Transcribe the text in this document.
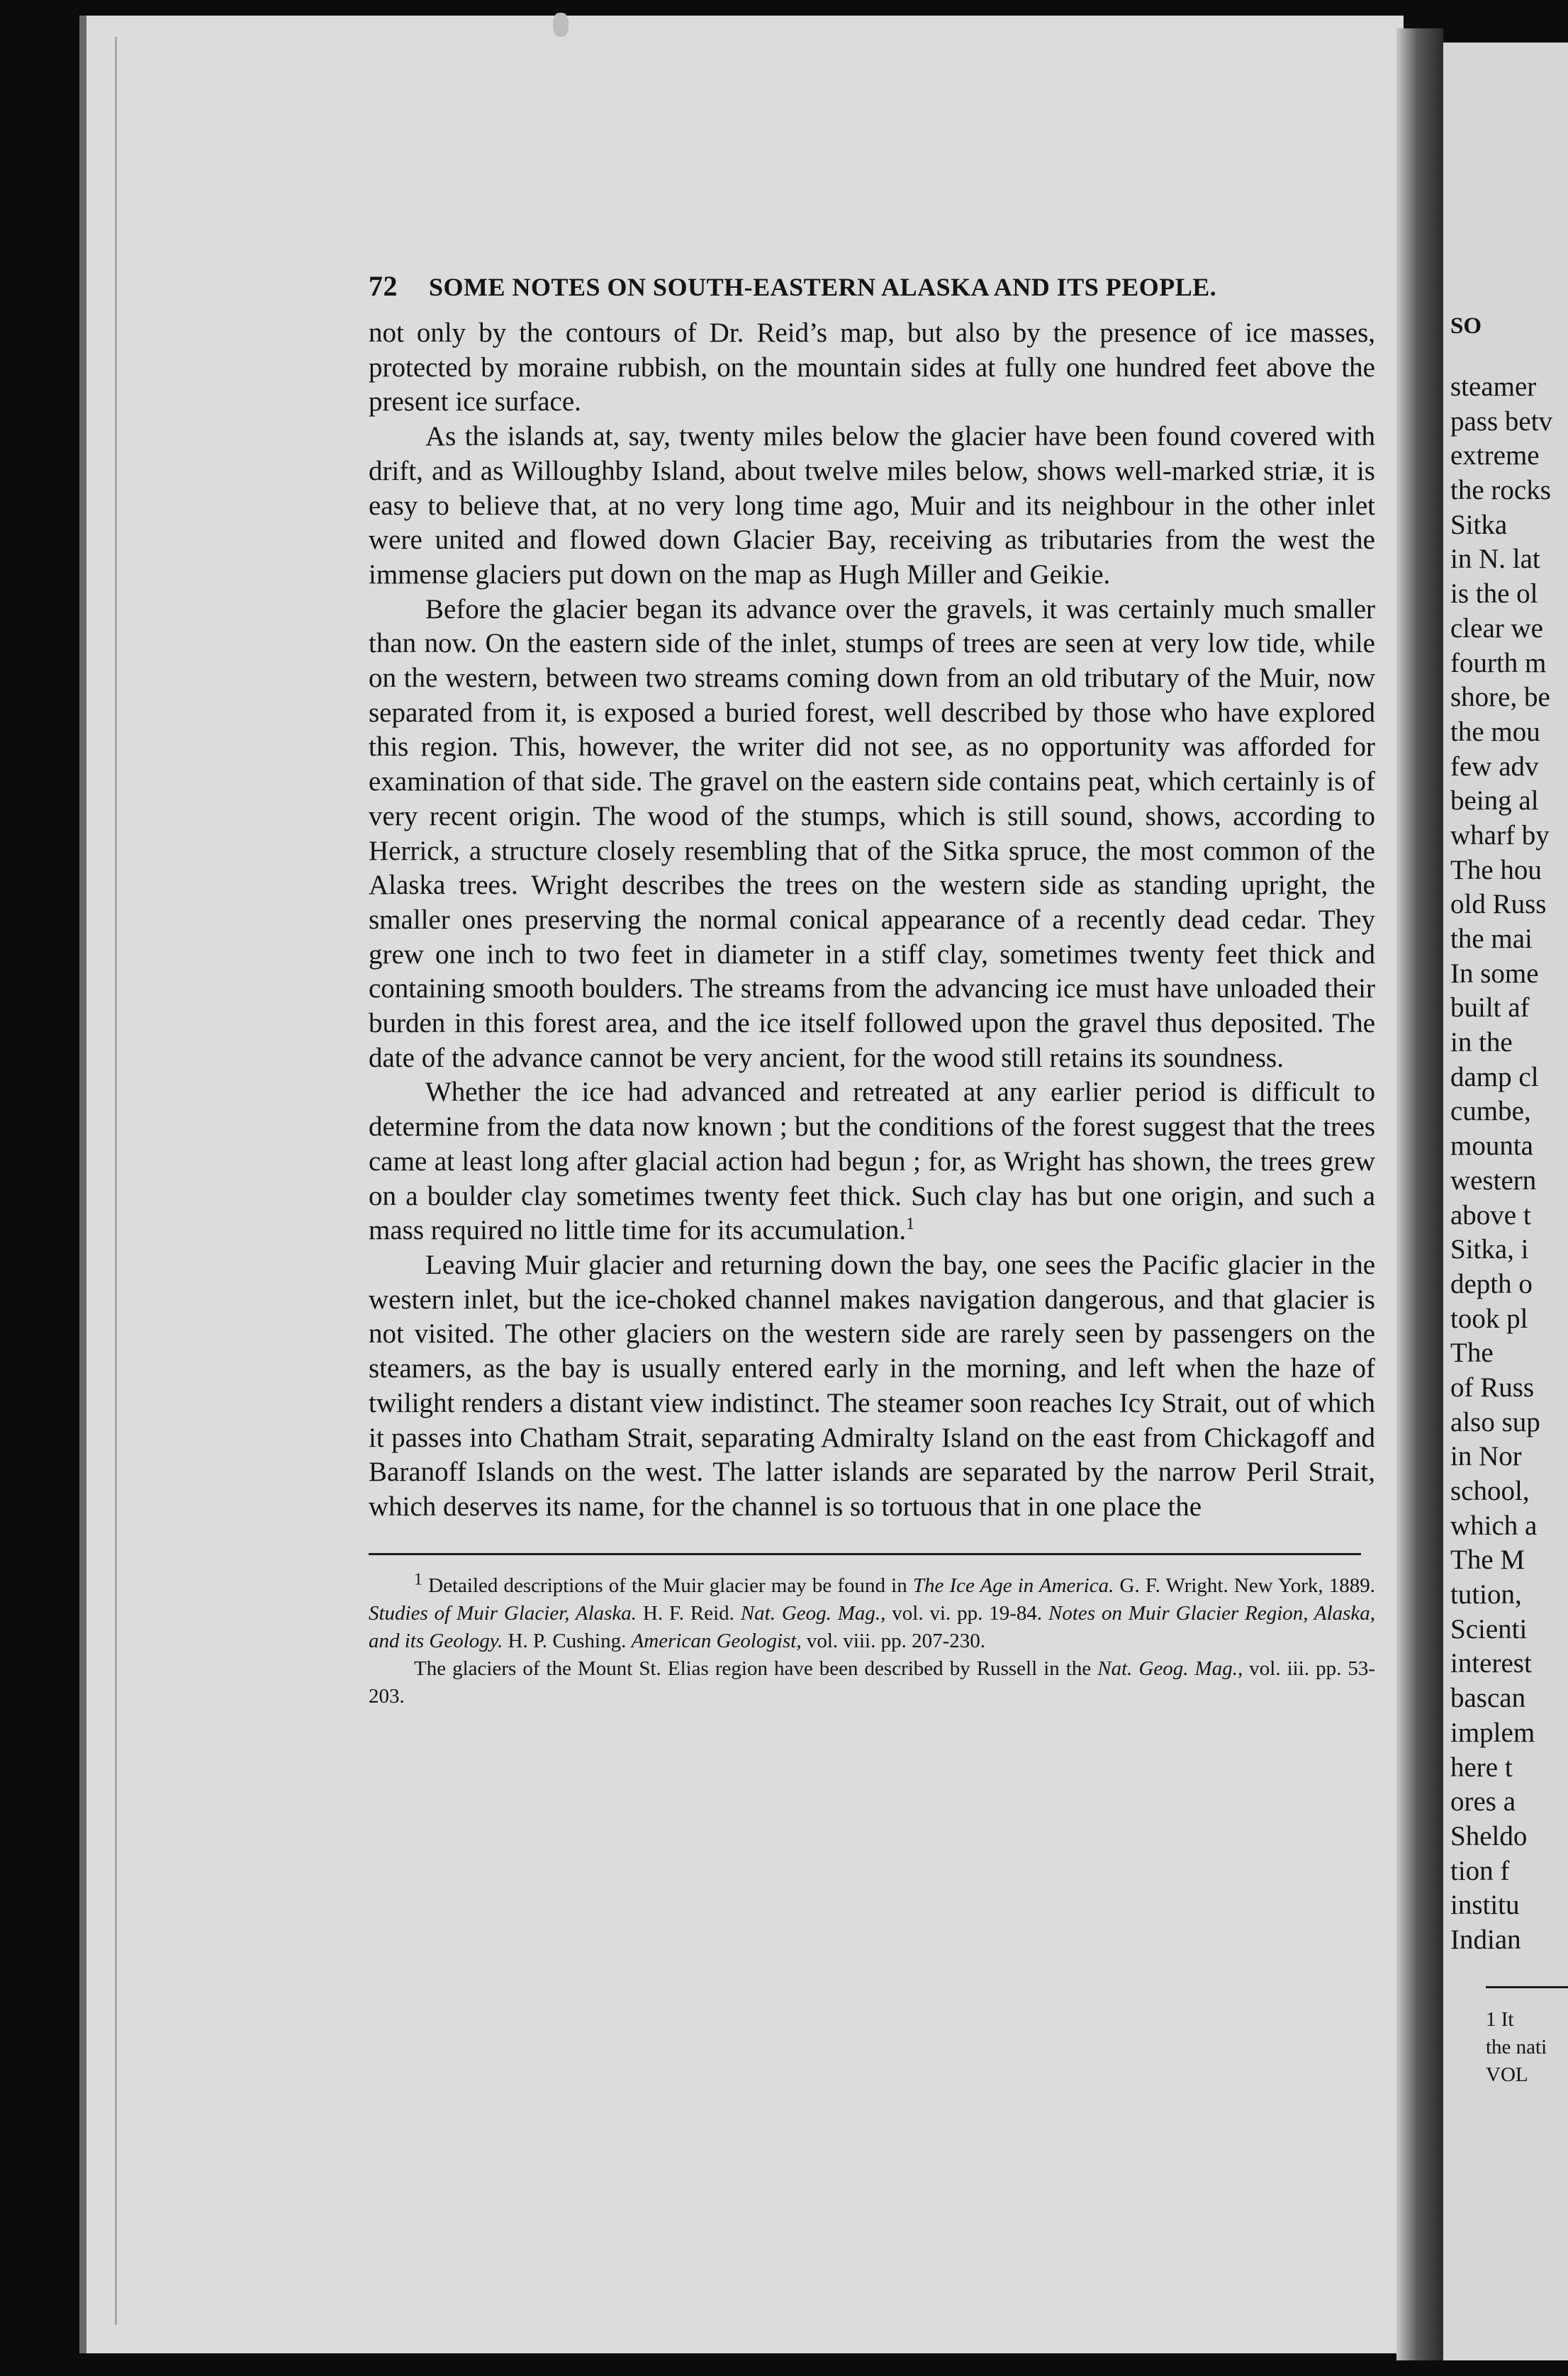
SO
steamer
pass betv
extreme
the rocks
Sitka
in N. lat
is the ol
clear we
fourth m
shore, be
the mou
few adv
being al
wharf by
The hou
old Russ
the mai
In some
built af
in the
damp cl
cumbe,
mounta
western
above t
Sitka, i
depth o
took pl
The
of Russ
also sup
in Nor
school,
which a
The M
tution,
Scienti
interest
bascan
implem
here t
ores a
Sheldo
tion f
institu
Indian
1 It
the nati
VOL
72 SOME NOTES ON SOUTH-EASTERN ALASKA AND ITS PEOPLE.

not only by the contours of Dr. Reid’s map, but also by the presence of ice masses, protected by moraine rubbish, on the mountain sides at fully one hundred feet above the present ice surface.

As the islands at, say, twenty miles below the glacier have been found covered with drift, and as Willoughby Island, about twelve miles below, shows well-marked striæ, it is easy to believe that, at no very long time ago, Muir and its neighbour in the other inlet were united and flowed down Glacier Bay, receiving as tributaries from the west the immense glaciers put down on the map as Hugh Miller and Geikie.

Before the glacier began its advance over the gravels, it was certainly much smaller than now. On the eastern side of the inlet, stumps of trees are seen at very low tide, while on the western, between two streams coming down from an old tributary of the Muir, now separated from it, is exposed a buried forest, well described by those who have explored this region. This, however, the writer did not see, as no opportunity was afforded for examination of that side. The gravel on the eastern side contains peat, which certainly is of very recent origin. The wood of the stumps, which is still sound, shows, according to Herrick, a structure closely resembling that of the Sitka spruce, the most common of the Alaska trees. Wright describes the trees on the western side as standing upright, the smaller ones preserving the normal conical appearance of a recently dead cedar. They grew one inch to two feet in diameter in a stiff clay, sometimes twenty feet thick and containing smooth boulders. The streams from the advancing ice must have unloaded their burden in this forest area, and the ice itself followed upon the gravel thus deposited. The date of the advance cannot be very ancient, for the wood still retains its soundness.

Whether the ice had advanced and retreated at any earlier period is difficult to determine from the data now known ; but the conditions of the forest suggest that the trees came at least long after glacial action had begun ; for, as Wright has shown, the trees grew on a boulder clay sometimes twenty feet thick. Such clay has but one origin, and such a mass required no little time for its accumulation.$^1$

Leaving Muir glacier and returning down the bay, one sees the Pacific glacier in the western inlet, but the ice-choked channel makes navigation dangerous, and that glacier is not visited. The other glaciers on the western side are rarely seen by passengers on the steamers, as the bay is usually entered early in the morning, and left when the haze of twilight renders a distant view indistinct. The steamer soon reaches Icy Strait, out of which it passes into Chatham Strait, separating Admiralty Island on the east from Chickagoff and Baranoff Islands on the west. The latter islands are separated by the narrow Peril Strait, which deserves its name, for the channel is so tortuous that in one place the

$^1$ Detailed descriptions of the Muir glacier may be found in The Ice Age in America. G. F. Wright. New York, 1889. Studies of Muir Glacier, Alaska. H. F. Reid. Nat. Geog. Mag., vol. vi. pp. 19-84. Notes on Muir Glacier Region, Alaska, and its Geology. H. P. Cushing. American Geologist, vol. viii. pp. 207-230.

The glaciers of the Mount St. Elias region have been described by Russell in the Nat. Geog. Mag., vol. iii. pp. 53-203.
